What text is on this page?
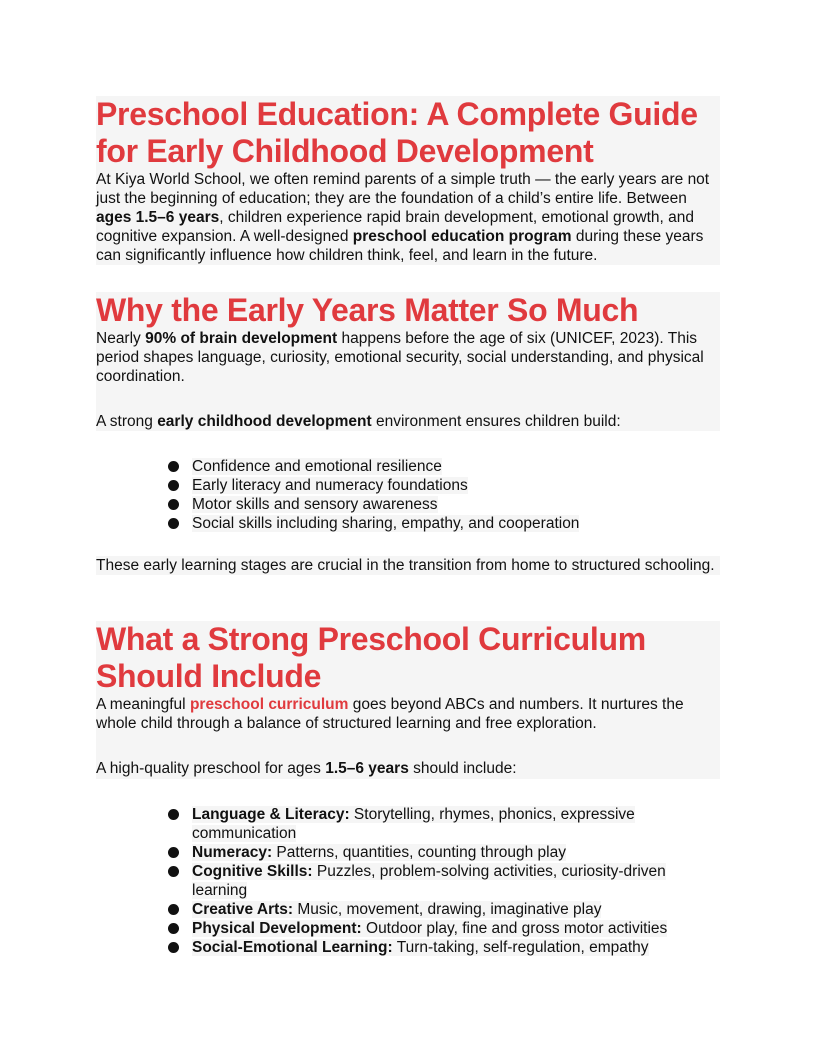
Preschool Education: A Complete Guide for Early Childhood Development

At Kiya World School, we often remind parents of a simple truth — the early years are not just the beginning of education; they are the foundation of a child’s entire life. Between ages 1.5–6 years, children experience rapid brain development, emotional growth, and cognitive expansion. A well-designed preschool education program during these years can significantly influence how children think, feel, and learn in the future.

Why the Early Years Matter So Much

Nearly 90% of brain development happens before the age of six (UNICEF, 2023). This period shapes language, curiosity, emotional security, social understanding, and physical coordination.

A strong early childhood development environment ensures children build:

Confidence and emotional resilience
Early literacy and numeracy foundations
Motor skills and sensory awareness
Social skills including sharing, empathy, and cooperation

These early learning stages are crucial in the transition from home to structured schooling.

What a Strong Preschool Curriculum Should Include

A meaningful preschool curriculum goes beyond ABCs and numbers. It nurtures the whole child through a balance of structured learning and free exploration.

A high-quality preschool for ages 1.5–6 years should include:

Language & Literacy: Storytelling, rhymes, phonics, expressive communication
Numeracy: Patterns, quantities, counting through play
Cognitive Skills: Puzzles, problem-solving activities, curiosity-driven learning
Creative Arts: Music, movement, drawing, imaginative play
Physical Development: Outdoor play, fine and gross motor activities
Social-Emotional Learning: Turn-taking, self-regulation, empathy
